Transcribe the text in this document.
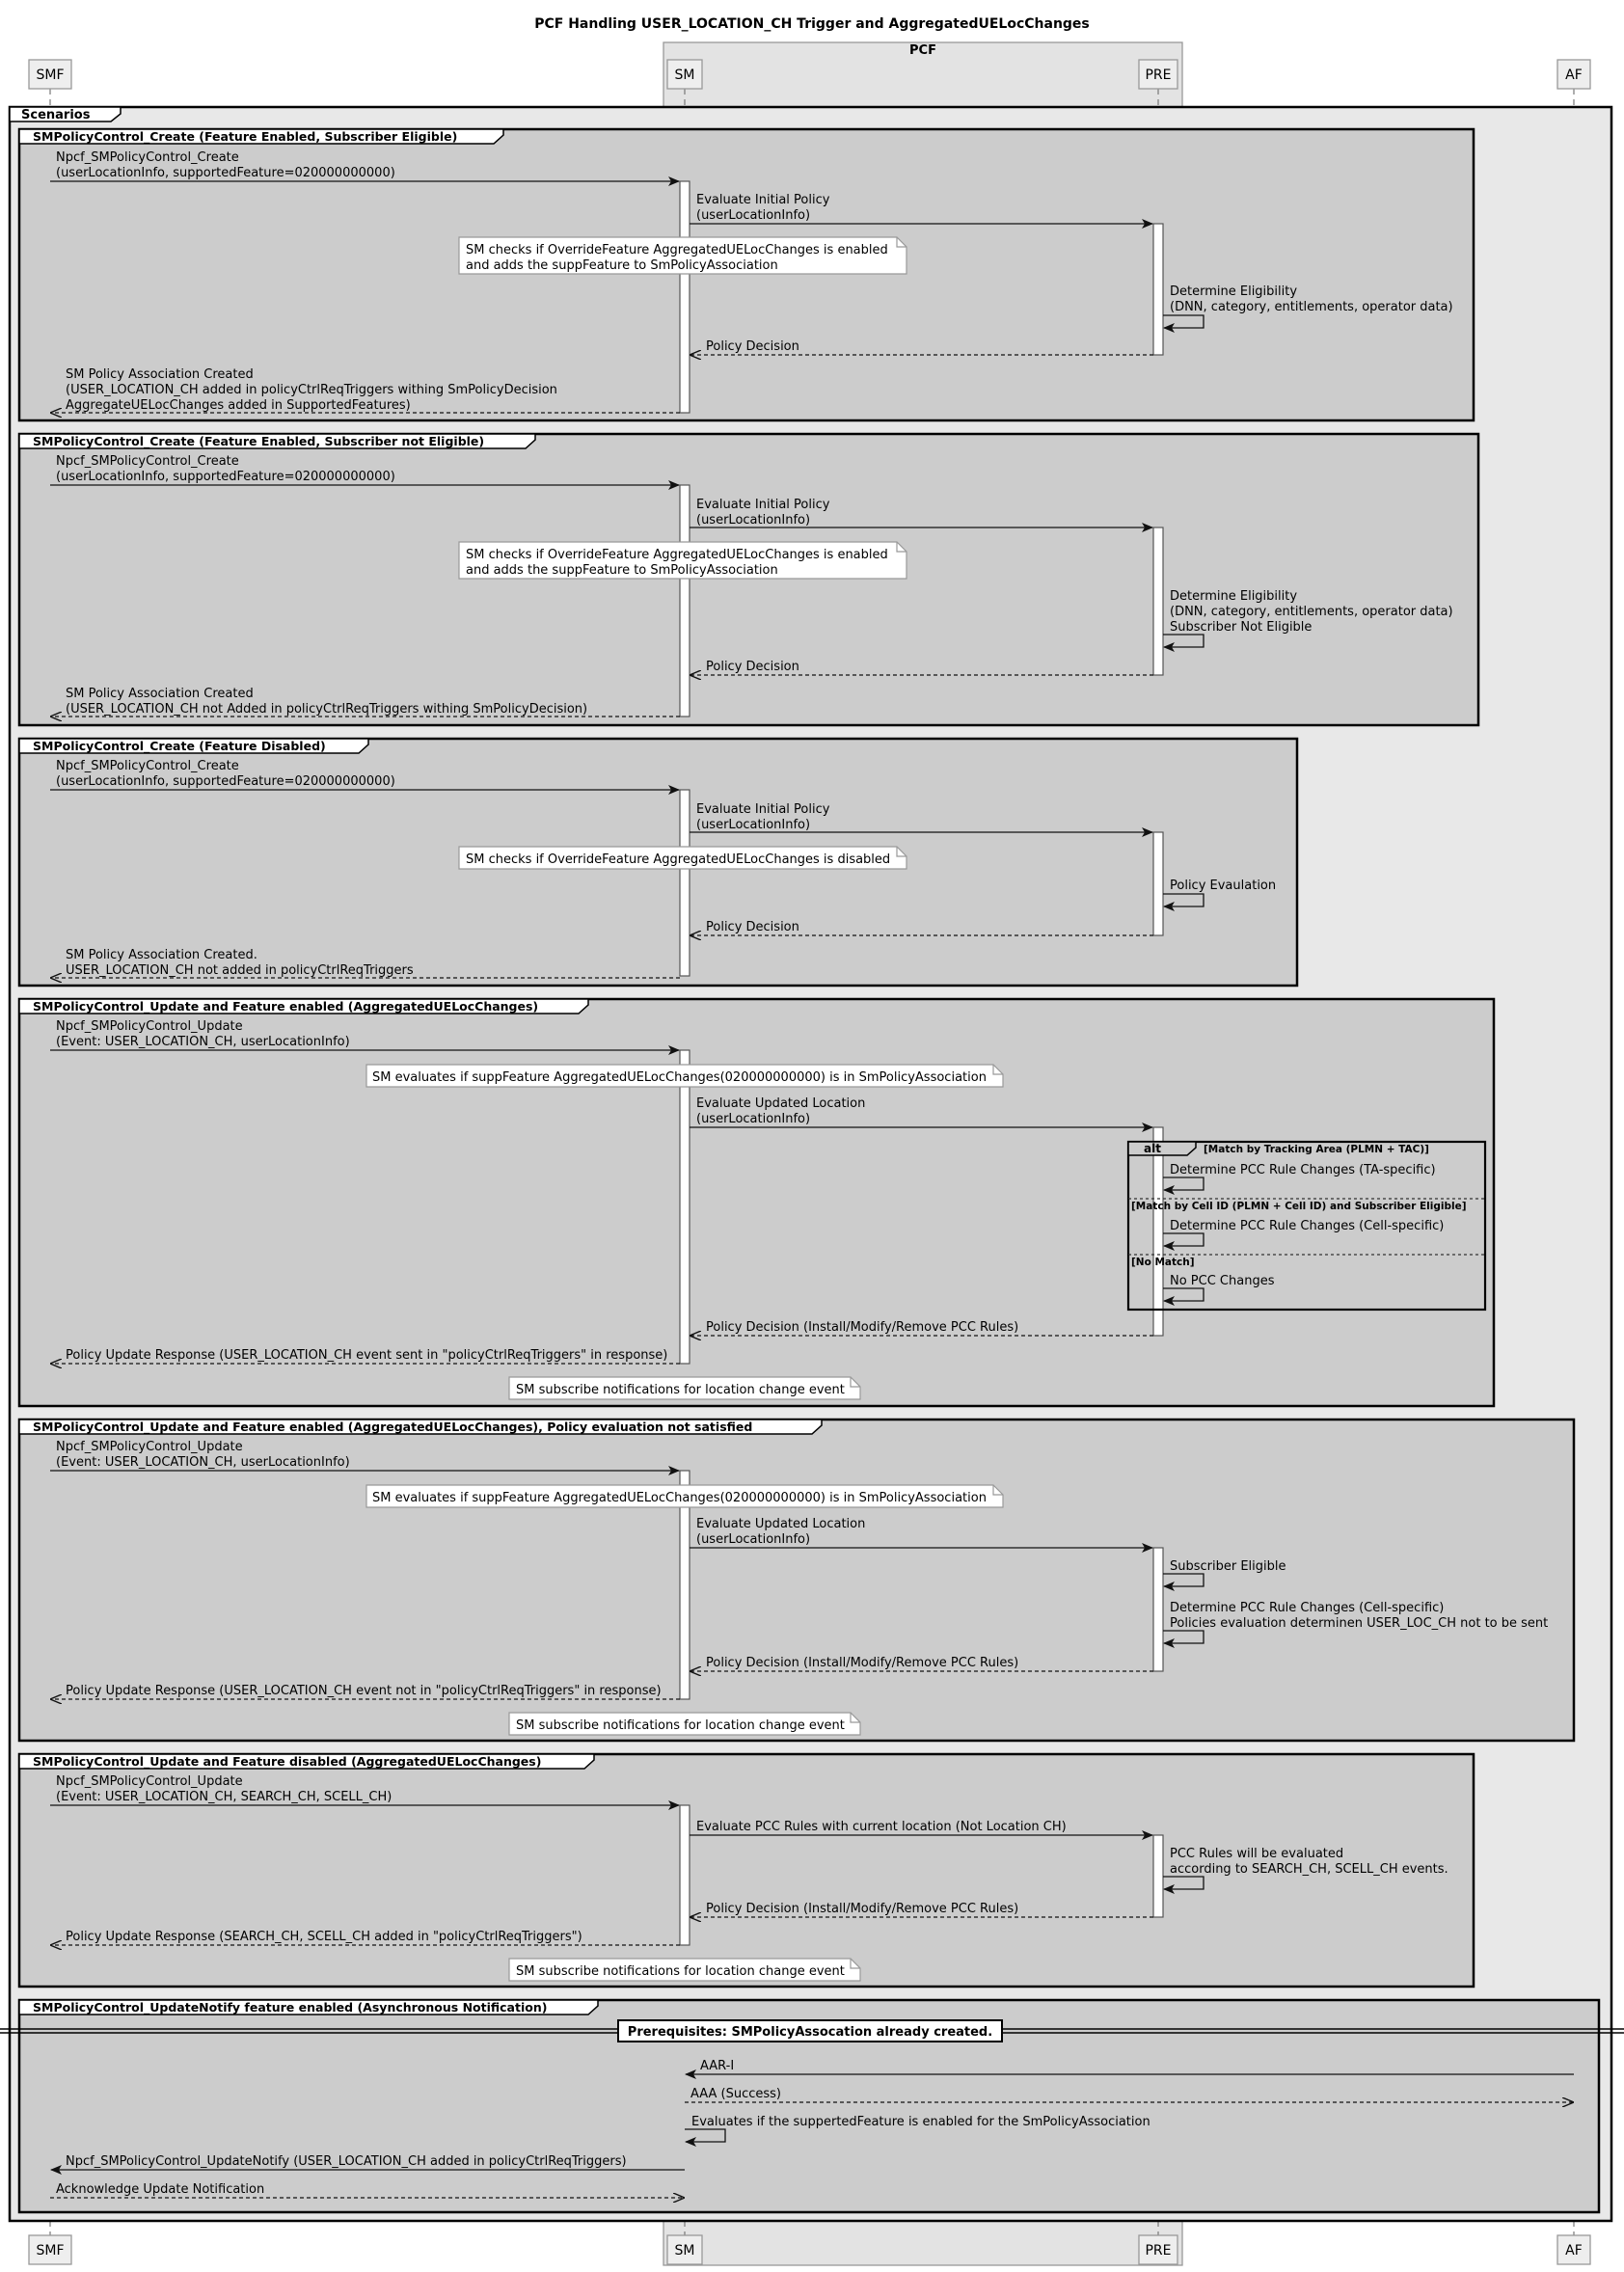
PCF Handling USER_LOCATION_CH Trigger and AggregatedUELocChanges
PCF
SMF	SM	PRE	AF
SMF	SM	PRE	AF
Scenarios
SMPolicyControl_Create (Feature Enabled, Subscriber Eligible)
Npcf_SMPolicyControl_Create
(userLocationInfo, supportedFeature=020000000000)
Evaluate Initial Policy
(userLocationInfo)
SM checks if OverrideFeature AggregatedUELocChanges is enabled
and adds the suppFeature to SmPolicyAssociation
Determine Eligibility
(DNN, category, entitlements, operator data)
Policy Decision
SM Policy Association Created
(USER_LOCATION_CH added in policyCtrlReqTriggers withing SmPolicyDecision
AggregateUELocChanges added in SupportedFeatures)
SMPolicyControl_Create (Feature Enabled, Subscriber not Eligible)
Npcf_SMPolicyControl_Create
(userLocationInfo, supportedFeature=020000000000)
Evaluate Initial Policy
(userLocationInfo)
SM checks if OverrideFeature AggregatedUELocChanges is enabled
and adds the suppFeature to SmPolicyAssociation
Determine Eligibility
(DNN, category, entitlements, operator data)
Subscriber Not Eligible
Policy Decision
SM Policy Association Created
(USER_LOCATION_CH not Added in policyCtrlReqTriggers withing SmPolicyDecision)
SMPolicyControl_Create (Feature Disabled)
Npcf_SMPolicyControl_Create
(userLocationInfo, supportedFeature=020000000000)
Evaluate Initial Policy
(userLocationInfo)
SM checks if OverrideFeature AggregatedUELocChanges is disabled
Policy Evaulation
Policy Decision
SM Policy Association Created.
USER_LOCATION_CH not added in policyCtrlReqTriggers
SMPolicyControl_Update and Feature enabled (AggregatedUELocChanges)
Npcf_SMPolicyControl_Update
(Event: USER_LOCATION_CH, userLocationInfo)
SM evaluates if suppFeature AggregatedUELocChanges(020000000000) is in SmPolicyAssociation
Evaluate Updated Location
(userLocationInfo)
alt	[Match by Tracking Area (PLMN + TAC)]
[Match by Cell ID (PLMN + Cell ID) and Subscriber Eligible]
[No Match]
Determine PCC Rule Changes (TA-specific)
Determine PCC Rule Changes (Cell-specific)
No PCC Changes
Policy Decision (Install/Modify/Remove PCC Rules)
Policy Update Response (USER_LOCATION_CH event sent in "policyCtrlReqTriggers" in response)
SM subscribe notifications for location change event
SMPolicyControl_Update and Feature enabled (AggregatedUELocChanges), Policy evaluation not satisfied
Npcf_SMPolicyControl_Update
(Event: USER_LOCATION_CH, userLocationInfo)
SM evaluates if suppFeature AggregatedUELocChanges(020000000000) is in SmPolicyAssociation
Evaluate Updated Location
(userLocationInfo)
Subscriber Eligible
Determine PCC Rule Changes (Cell-specific)
Policies evaluation determinen USER_LOC_CH not to be sent
Policy Decision (Install/Modify/Remove PCC Rules)
Policy Update Response (USER_LOCATION_CH event not in "policyCtrlReqTriggers" in response)
SM subscribe notifications for location change event
SMPolicyControl_Update and Feature disabled (AggregatedUELocChanges)
Npcf_SMPolicyControl_Update
(Event: USER_LOCATION_CH, SEARCH_CH, SCELL_CH)
Evaluate PCC Rules with current location (Not Location CH)
PCC Rules will be evaluated
according to SEARCH_CH, SCELL_CH events.
Policy Decision (Install/Modify/Remove PCC Rules)
Policy Update Response (SEARCH_CH, SCELL_CH added in "policyCtrlReqTriggers")
SM subscribe notifications for location change event
SMPolicyControl_UpdateNotify feature enabled (Asynchronous Notification)
Prerequisites: SMPolicyAssocation already created.
AAR-I
AAA (Success)
Evaluates if the suppertedFeature is enabled for the SmPolicyAssociation
Npcf_SMPolicyControl_UpdateNotify (USER_LOCATION_CH added in policyCtrlReqTriggers)
Acknowledge Update Notification
